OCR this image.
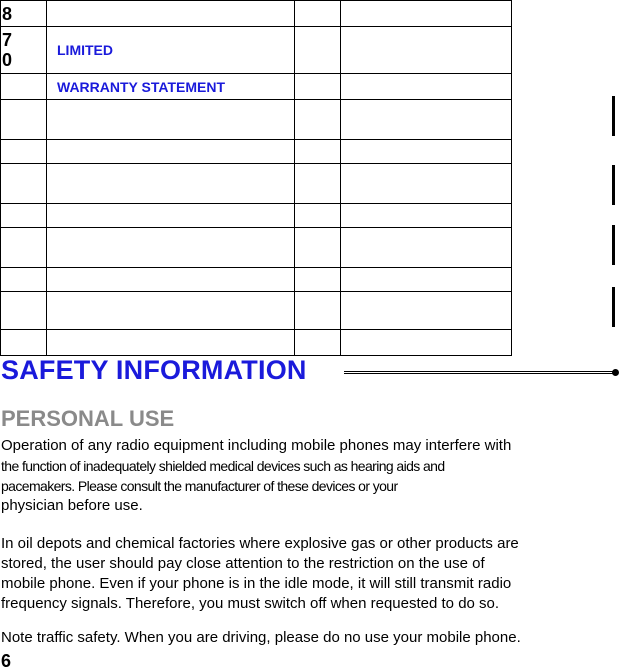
8			

7
0	LIMITED		
	WARRANTY STATEMENT		

SAFETY INFORMATION
PERSONAL USE
Operation of any radio equipment including mobile phones may interfere with
the function of inadequately shielded medical devices such as hearing aids and
pacemakers. Please consult the manufacturer of these devices or your
physician before use.
In oil depots and chemical factories where explosive gas or other products are
stored, the user should pay close attention to the restriction on the use of
mobile phone. Even if your phone is in the idle mode, it will still transmit radio
frequency signals. Therefore, you must switch off when requested to do so.
Note traffic safety. When you are driving, please do no use your mobile phone.

6
